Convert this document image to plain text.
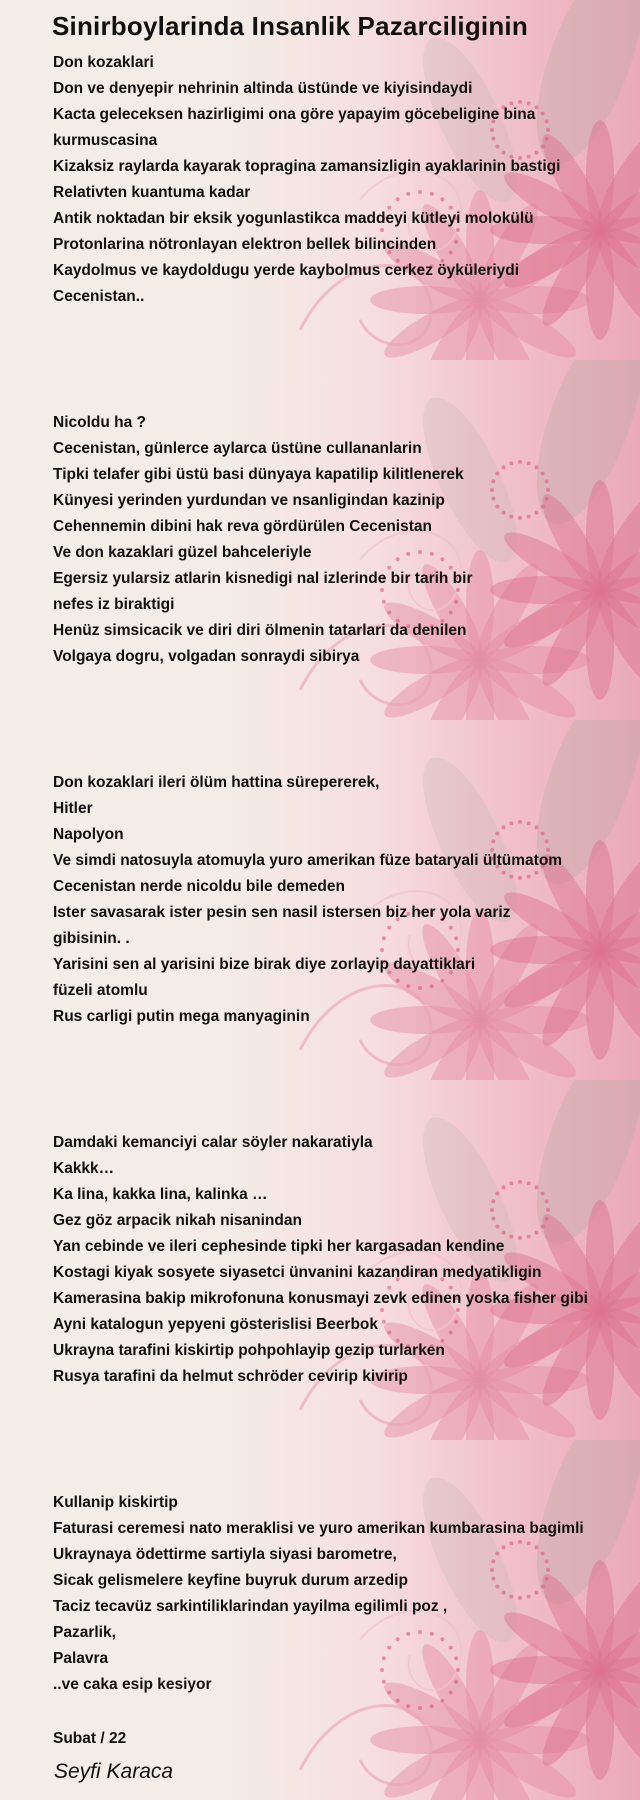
Sinirboylarinda Insanlik Pazarciliginin
Don kozaklari
Don ve denyepir nehrinin altinda üstünde ve kiyisindaydi
Kacta geleceksen hazirligimi ona göre yapayim göcebeligine bina
kurmuscasina
Kizaksiz raylarda kayarak topragina zamansizligin ayaklarinin bastigi
Relativten kuantuma kadar
Antik noktadan bir eksik yogunlastikca maddeyi kütleyi molokülü
Protonlarina nötronlayan elektron bellek bilincinden
Kaydolmus ve kaydoldugu yerde kaybolmus cerkez öyküleriydi
Cecenistan..
Nicoldu ha ?
Cecenistan, günlerce aylarca üstüne cullananlarin
Tipki telafer gibi üstü basi dünyaya kapatilip kilitlenerek
Künyesi yerinden yurdundan ve nsanligindan kazinip
Cehennemin dibini hak reva gördürülen Cecenistan
Ve don kazaklari güzel bahceleriyle
Egersiz yularsiz atlarin kisnedigi nal izlerinde bir tarih bir
nefes iz biraktigi
Henüz simsicacik ve diri diri ölmenin tatarlari da denilen
Volgaya dogru, volgadan sonraydi sibirya
Don kozaklari ileri ölüm hattina sürepererek,
Hitler
Napolyon
Ve simdi natosuyla atomuyla yuro amerikan füze bataryali ültümatom
Cecenistan nerde nicoldu bile demeden
Ister savasarak ister pesin sen nasil istersen biz her yola variz
gibisinin. .
Yarisini sen al yarisini bize birak diye zorlayip dayattiklari
füzeli atomlu
Rus carligi putin mega manyaginin
Damdaki kemanciyi calar söyler nakaratiyla
Kakkk…
Ka lina, kakka lina, kalinka …
Gez göz arpacik nikah nisanindan
Yan cebinde ve ileri cephesinde tipki her kargasadan kendine
Kostagi kiyak sosyete siyasetci ünvanini kazandiran medyatikligin
Kamerasina bakip mikrofonuna konusmayi zevk edinen yoska fisher gibi
Ayni katalogun yepyeni gösterislisi Beerbok
Ukrayna tarafini kiskirtip pohpohlayip gezip turlarken
Rusya tarafini da helmut schröder cevirip kivirip
Kullanip kiskirtip
Faturasi ceremesi nato meraklisi ve yuro amerikan kumbarasina bagimli
Ukraynaya ödettirme sartiyla siyasi barometre,
Sicak gelismelere keyfine buyruk durum arzedip
Taciz tecavüz sarkintiliklarindan yayilma egilimli poz ,
Pazarlik,
Palavra
..ve caka esip kesiyor
Subat / 22
Seyfi Karaca
